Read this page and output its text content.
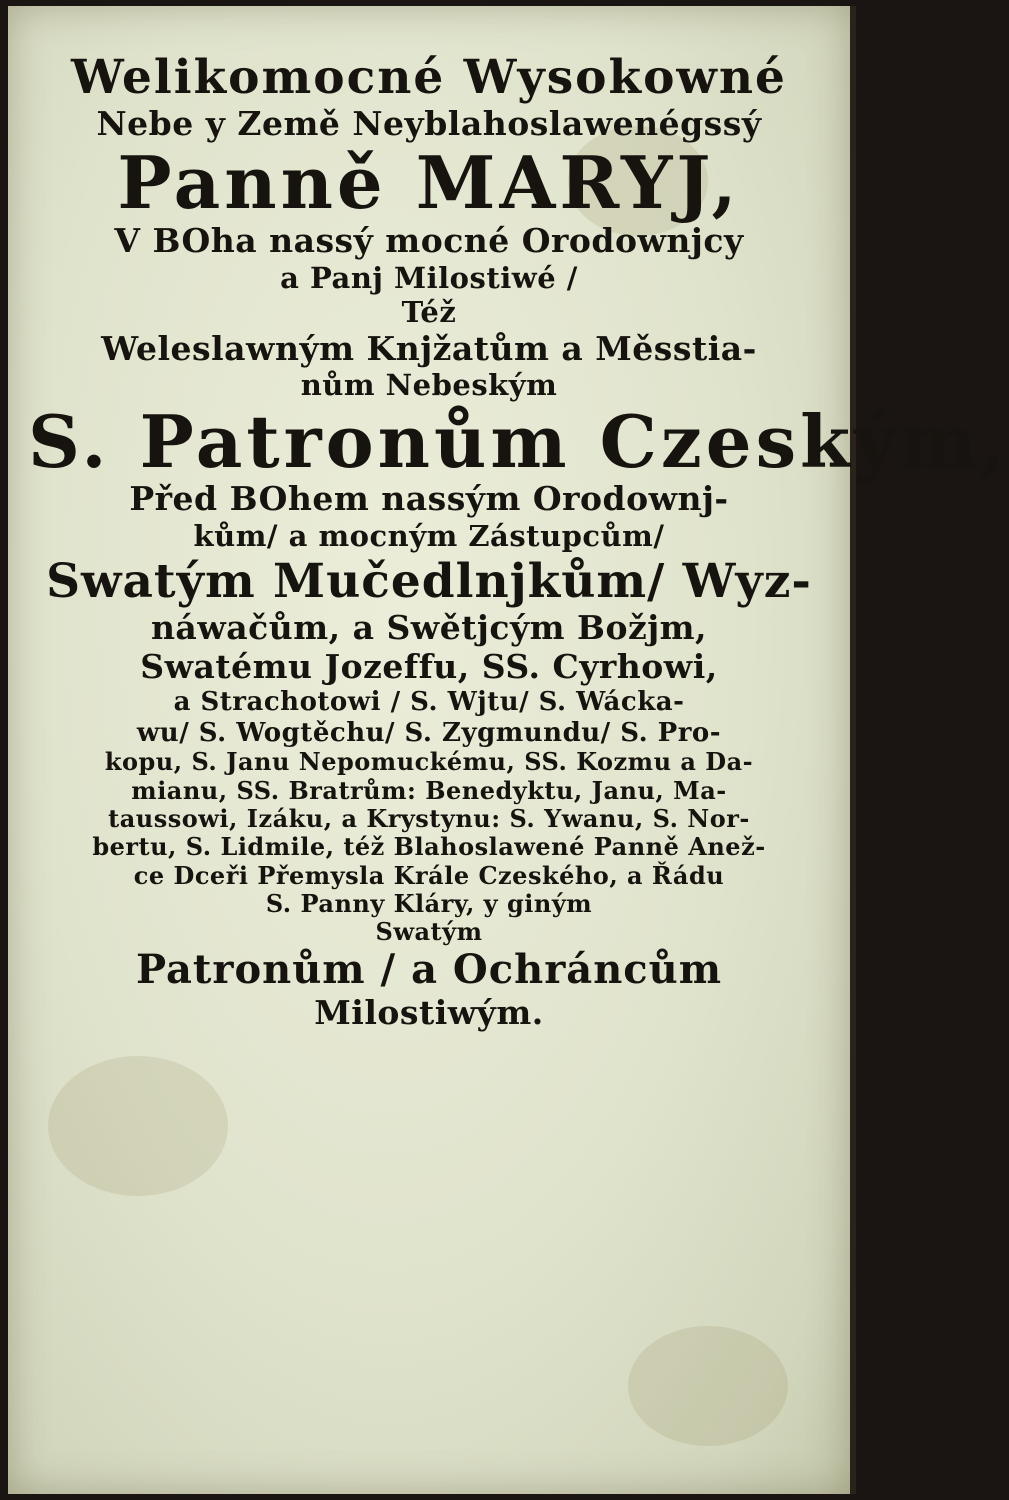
Welikomocné Wysokowné
Nebe y Země Neyblahoslawenégssý
Panně MARYJ,
V BOha nassý mocné Orodownjcy
a Panj Milostiwé /
Též
Weleslawným Knjžatům a Měsstia-
nům Nebeským
S. Patronům Czeským,
Před BOhem nassým Orodownj-
kům/ a mocným Zástupcům/
Swatým Mučedlnjkům/ Wyz-
náwačům, a Swětjcým Božjm,
Swatému Jozeffu, SS. Cyrhowi,
a Strachotowi / S. Wjtu/ S. Wácka-
wu/ S. Wogtěchu/ S. Zygmundu/ S. Pro-
kopu, S. Janu Nepomuckému, SS. Kozmu a Da-
mianu, SS. Bratrům: Benedyktu, Janu, Ma-
taussowi, Izáku, a Krystynu: S. Ywanu, S. Nor-
bertu, S. Lidmile, též Blahoslawené Panně Anež-
ce Dceři Přemysla Krále Czeského, a Řádu
S. Panny Kláry, y giným
Swatým
Patronům / a Ochráncům
Milostiwým.
